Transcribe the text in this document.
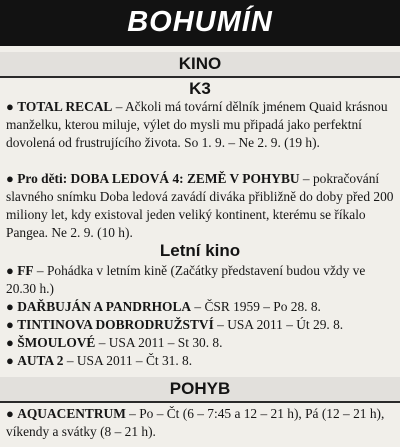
BOHUMÍN
KINO
K3
● TOTAL RECAL – Ačkoli má tovární dělník jménem Quaid krásnou manželku, kterou miluje, výlet do mysli mu připadá jako perfektní dovolená od frustrujícího života. So 1. 9. – Ne 2. 9. (19 h).
● Pro děti: DOBA LEDOVÁ 4: ZEMĚ V POHYBU – pokračování slavného snímku Doba ledová zavádí diváka přibližně do doby před 200 miliony let, kdy existoval jeden veliký kontinent, kterému se říkalo Pangea. Ne 2. 9. (10 h).
Letní kino
● FF – Pohádka v letním kině (Začátky představení budou vždy ve 20.30 h.)
● DAŘBUJÁN A PANDRHOLA – ČSR 1959 – Po 28. 8.
● TINTINOVA DOBRODRUŽSTVÍ – USA 2011 – Út 29. 8.
● ŠMOULOVÉ – USA 2011 – St 30. 8.
● AUTA 2 – USA 2011 – Čt 31. 8.
POHYB
● AQUACENTRUM – Po – Čt (6 – 7:45 a 12 – 21 h), Pá (12 – 21 h), víkendy a svátky (8 – 21 h).
